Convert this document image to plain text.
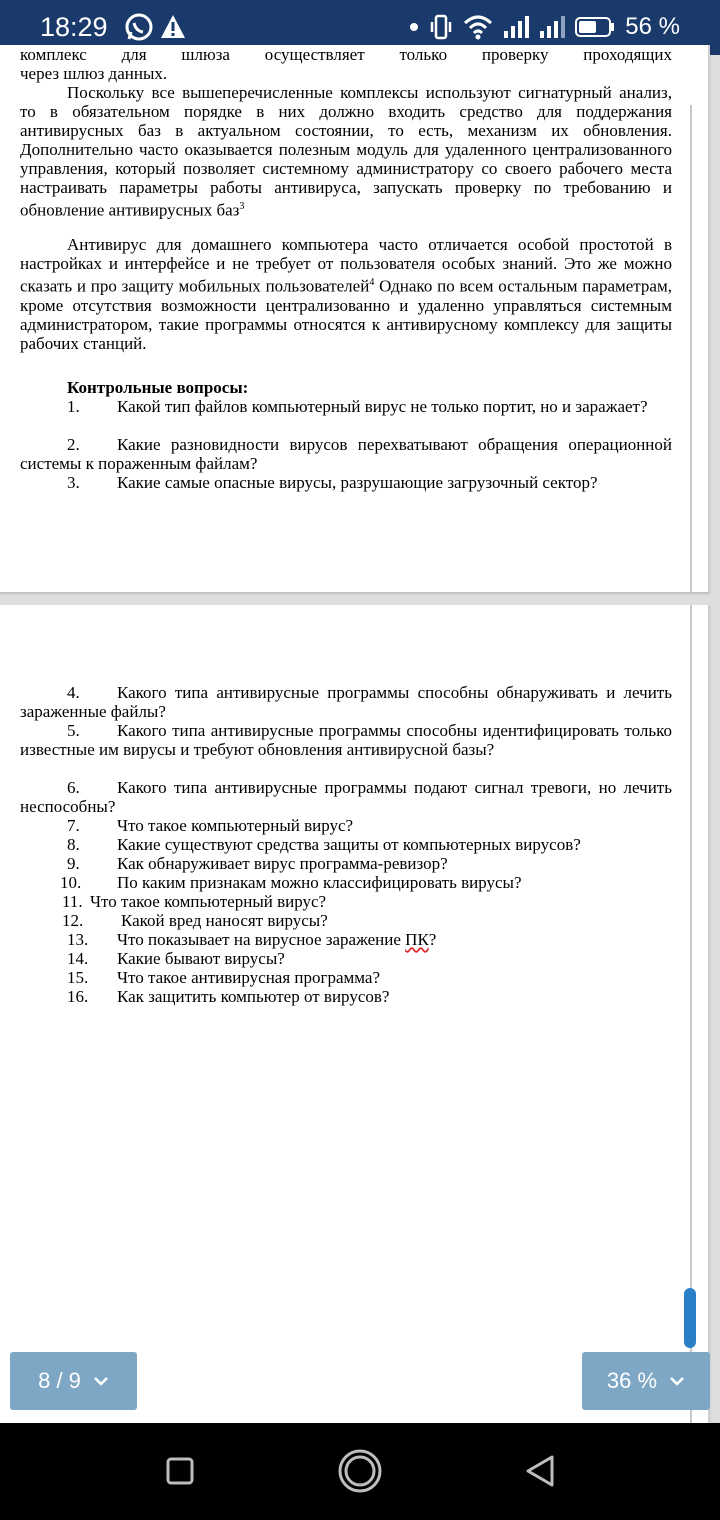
18:29	56 %
комплекс для шлюза осуществляет только проверку проходящих
через шлюз данных.
Поскольку все вышеперечисленные комплексы используют сигнатурный анализ, то в обязательном порядке в них должно входить средство для поддержания антивирусных баз в актуальном состоянии, то есть, механизм их обновления. Дополнительно часто оказывается полезным модуль для удаленного централизованного управления, который позволяет системному администратору со своего рабочего места настраивать параметры работы антивируса, запускать проверку по требованию и обновление антивирусных баз$^3$
Антивирус для домашнего компьютера часто отличается особой простотой в настройках и интерфейсе и не требует от пользователя особых знаний. Это же можно сказать и про защиту мобильных пользователей$^4$ Однако по всем остальным параметрам, кроме отсутствия возможности централизованно и удаленно управляться системным администратором, такие программы относятся к антивирусному комплексу для защиты рабочих станций.
Контрольные вопросы:
1.	Какой тип файлов компьютерный вирус не только портит, но и заражает?
2.	Какие разновидности вирусов перехватывают обращения операционной системы к пораженным файлам?
3.	Какие самые опасные вирусы, разрушающие загрузочный сектор?
4.	Какого типа антивирусные программы способны обнаруживать и лечить зараженные файлы?
5.	Какого типа антивирусные программы способны идентифицировать только известные им вирусы и требуют обновления антивирусной базы?
6.	Какого типа антивирусные программы подают сигнал тревоги, но лечить неспособны?
7.	Что такое компьютерный вирус?
8.	Какие существуют средства защиты от компьютерных вирусов?
9.	Как обнаруживает вирус программа-ревизор?
10.	По каким признакам можно классифицировать вирусы?
11. Что такое компьютерный вирус?
12.	Какой вред наносят вирусы?
13.	Что показывает на вирусное заражение ПК?
14.	Какие бывают вирусы?
15.	Что такое антивирусная программа?
16.	Как защитить компьютер от вирусов?
8 / 9	36 %
